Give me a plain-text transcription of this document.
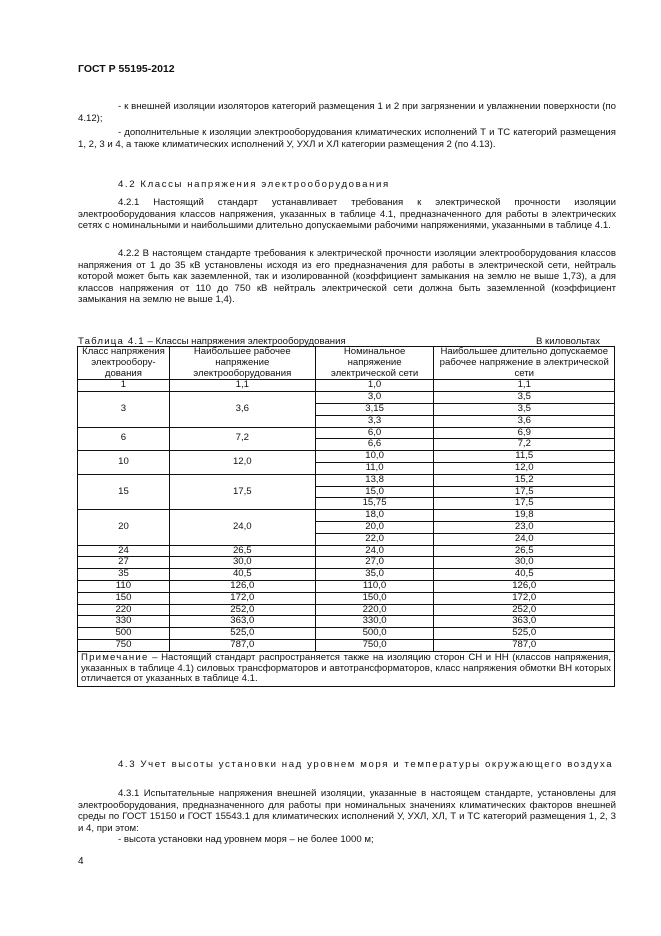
ГОСТ Р 55195-2012

- к внешней изоляции изоляторов категорий размещения 1 и 2 при загрязнении и увлажнении поверхности (по 4.12);

- дополнительные к изоляции электрооборудования климатических исполнений Т и ТС категорий размещения 1, 2, 3 и 4, а также климатических исполнений У, УХЛ и ХЛ категории размещения 2 (по 4.13).

4.2 Классы напряжения электрооборудования

4.2.1 Настоящий стандарт устанавливает требования к электрической прочности изоляции электрооборудования классов напряжения, указанных в таблице 4.1, предназначенного для работы в электрических сетях с номинальными и наибольшими длительно допускаемыми рабочими напряжениями, указанными в таблице 4.1.

4.2.2 В настоящем стандарте требования к электрической прочности изоляции электрооборудования классов напряжения от 1 до 35 кВ установлены исходя из его предназначения для работы в электрической сети, нейтраль которой может быть как заземленной, так и изолированной (коэффициент замыкания на землю не выше 1,73), а для классов напряжения от 110 до 750 кВ нейтраль электрической сети должна быть заземленной (коэффициент замыкания на землю не выше 1,4).

Таблица 4.1 – Классы напряжения электрооборудования	В киловольтах
Класс напряжения электрообору-дования	Наибольшее рабочее напряжение электрооборудования	Номинальное напряжение электрической сети	Наибольшее длительно допускаемое рабочее напряжение в электрической сети
1	1,1	1,0	1,1
3	3,6	3,0	3,5
		3,15	3,5
		3,3	3,6
6	7,2	6,0	6,9
		6,6	7,2
10	12,0	10,0	11,5
		11,0	12,0
15	17,5	13,8	15,2
		15,0	17,5
		15,75	17,5
20	24,0	18,0	19,8
		20,0	23,0
		22,0	24,0
24	26,5	24,0	26,5
27	30,0	27,0	30,0
35	40,5	35,0	40,5
110	126,0	110,0	126,0
150	172,0	150,0	172,0
220	252,0	220,0	252,0
330	363,0	330,0	363,0
500	525,0	500,0	525,0
750	787,0	750,0	787,0
Примечание – Настоящий стандарт распространяется также на изоляцию сторон СН и НН (классов напряжения, указанных в таблице 4.1) силовых трансформаторов и автотрансформаторов, класс напряжения обмотки ВН которых отличается от указанных в таблице 4.1.			

4.3 Учет высоты установки над уровнем моря и температуры окружающего воздуха

4.3.1 Испытательные напряжения внешней изоляции, указанные в настоящем стандарте, установлены для электрооборудования, предназначенного для работы при номинальных значениях климатических факторов внешней среды по ГОСТ 15150 и ГОСТ 15543.1 для климатических исполнений У, УХЛ, ХЛ, Т и ТС категорий размещения 1, 2, 3 и 4, при этом:

- высота установки над уровнем моря – не более 1000 м;

4
